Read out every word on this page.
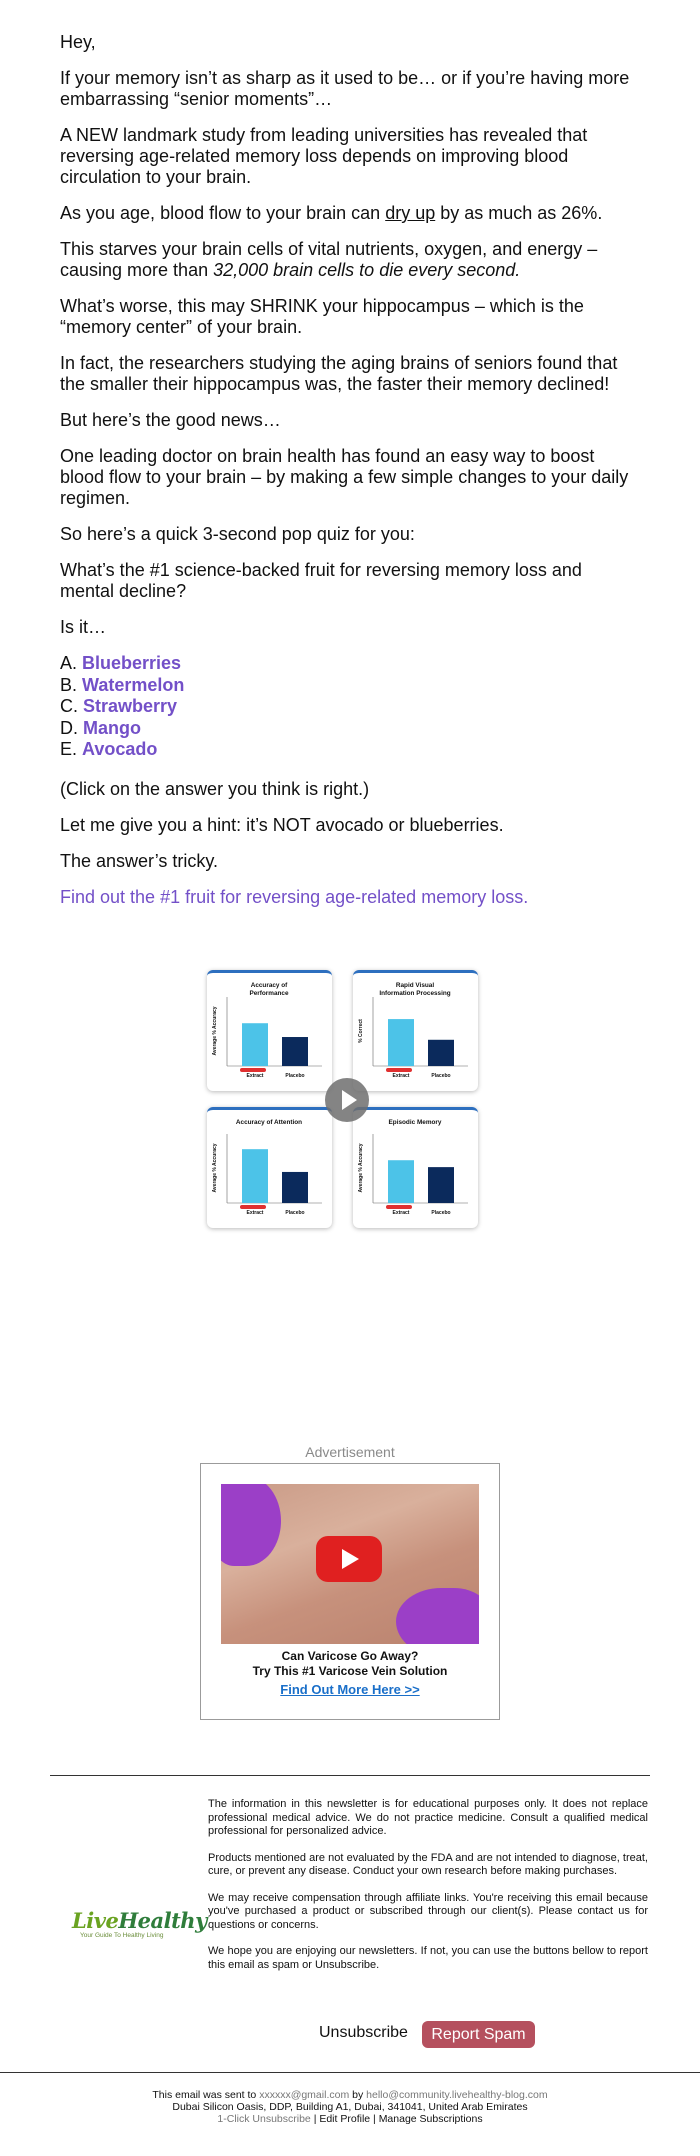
Hey,

If your memory isn’t as sharp as it used to be… or if you’re having more embarrassing “senior moments”…

A NEW landmark study from leading universities has revealed that reversing age-related memory loss depends on improving blood circulation to your brain.

As you age, blood flow to your brain can dry up by as much as 26%.

This starves your brain cells of vital nutrients, oxygen, and energy – causing more than 32,000 brain cells to die every second.

What’s worse, this may SHRINK your hippocampus – which is the “memory center” of your brain.

In fact, the researchers studying the aging brains of seniors found that the smaller their hippocampus was, the faster their memory declined!

But here’s the good news…

One leading doctor on brain health has found an easy way to boost blood flow to your brain – by making a few simple changes to your daily regimen.

So here’s a quick 3-second pop quiz for you:

What’s the #1 science-backed fruit for reversing memory loss and mental decline?

Is it…

A. Blueberries
B. Watermelon
C. Strawberry
D. Mango
E. Avocado

(Click on the answer you think is right.)

Let me give you a hint: it’s NOT avocado or blueberries.

The answer’s tricky.

Find out the #1 fruit for reversing age-related memory loss.

Accuracy of
Performance
Average % Accuracy
Extract	Placebo
Rapid Visual
Information Processing
% Correct
Extract	Placebo
Accuracy of Attention
Average % Accuracy
Extract	Placebo
Episodic Memory
Average % Accuracy
Extract	Placebo
Advertisement
Can Varicose Go Away?
Try This #1 Varicose Vein Solution
Find Out More Here >>
LiveHealthy
Your Guide To Healthy Living

The information in this newsletter is for educational purposes only. It does not replace professional medical advice. We do not practice medicine. Consult a qualified medical professional for personalized advice.

Products mentioned are not evaluated by the FDA and are not intended to diagnose, treat, cure, or prevent any disease. Conduct your own research before making purchases.

We may receive compensation through affiliate links. You're receiving this email because you've purchased a product or subscribed through our client(s). Please contact us for questions or concerns.

We hope you are enjoying our newsletters. If not, you can use the buttons bellow to report this email as spam or Unsubscribe.

Unsubscribe	Report Spam
This email was sent to xxxxxx@gmail.com by hello@community.livehealthy-blog.com
Dubai Silicon Oasis, DDP, Building A1, Dubai, 341041, United Arab Emirates
1-Click Unsubscribe | Edit Profile | Manage Subscriptions
